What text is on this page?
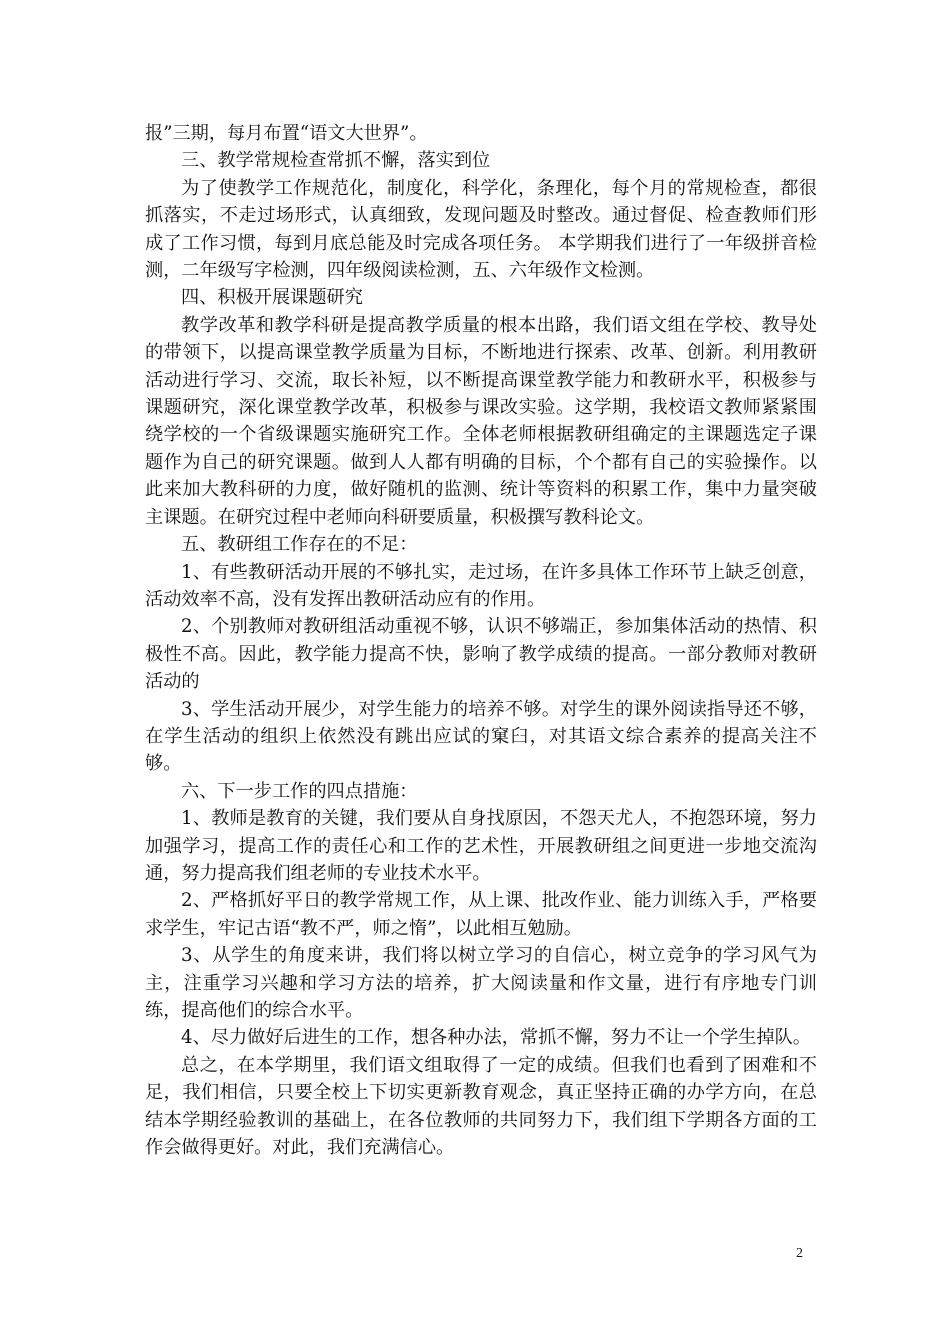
报”三期，每月布置“语文大世界”。

三、教学常规检查常抓不懈，落实到位

为了使教学工作规范化，制度化，科学化，条理化，每个月的常规检查，都很抓落实，不走过场形式，认真细致，发现问题及时整改。通过督促、检查教师们形成了工作习惯，每到月底总能及时完成各项任务。 本学期我们进行了一年级拼音检测，二年级写字检测，四年级阅读检测，五、六年级作文检测。

四、积极开展课题研究

教学改革和教学科研是提高教学质量的根本出路，我们语文组在学校、教导处的带领下，以提高课堂教学质量为目标，不断地进行探索、改革、创新。利用教研活动进行学习、交流，取长补短，以不断提高课堂教学能力和教研水平，积极参与课题研究，深化课堂教学改革，积极参与课改实验。这学期，我校语文教师紧紧围绕学校的一个省级课题实施研究工作。全体老师根据教研组确定的主课题选定子课题作为自己的研究课题。做到人人都有明确的目标，个个都有自己的实验操作。以此来加大教科研的力度，做好随机的监测、统计等资料的积累工作，集中力量突破主课题。在研究过程中老师向科研要质量，积极撰写教科论文。

五、教研组工作存在的不足：

1、有些教研活动开展的不够扎实，走过场，在许多具体工作环节上缺乏创意，活动效率不高，没有发挥出教研活动应有的作用。

2、个别教师对教研组活动重视不够，认识不够端正，参加集体活动的热情、积极性不高。因此，教学能力提高不快，影响了教学成绩的提高。一部分教师对教研活动的

3、学生活动开展少，对学生能力的培养不够。对学生的课外阅读指导还不够，在学生活动的组织上依然没有跳出应试的窠臼，对其语文综合素养的提高关注不够。

六、下一步工作的四点措施：

1、教师是教育的关键，我们要从自身找原因，不怨天尤人，不抱怨环境，努力加强学习，提高工作的责任心和工作的艺术性，开展教研组之间更进一步地交流沟通，努力提高我们组老师的专业技术水平。

2、严格抓好平日的教学常规工作，从上课、批改作业、能力训练入手，严格要求学生，牢记古语“教不严，师之惰”，以此相互勉励。

3、从学生的角度来讲，我们将以树立学习的自信心，树立竞争的学习风气为主，注重学习兴趣和学习方法的培养，扩大阅读量和作文量，进行有序地专门训练，提高他们的综合水平。

4、尽力做好后进生的工作，想各种办法，常抓不懈，努力不让一个学生掉队。

总之，在本学期里，我们语文组取得了一定的成绩。但我们也看到了困难和不足，我们相信，只要全校上下切实更新教育观念，真正坚持正确的办学方向，在总结本学期经验教训的基础上，在各位教师的共同努力下，我们组下学期各方面的工作会做得更好。对此，我们充满信心。

2
